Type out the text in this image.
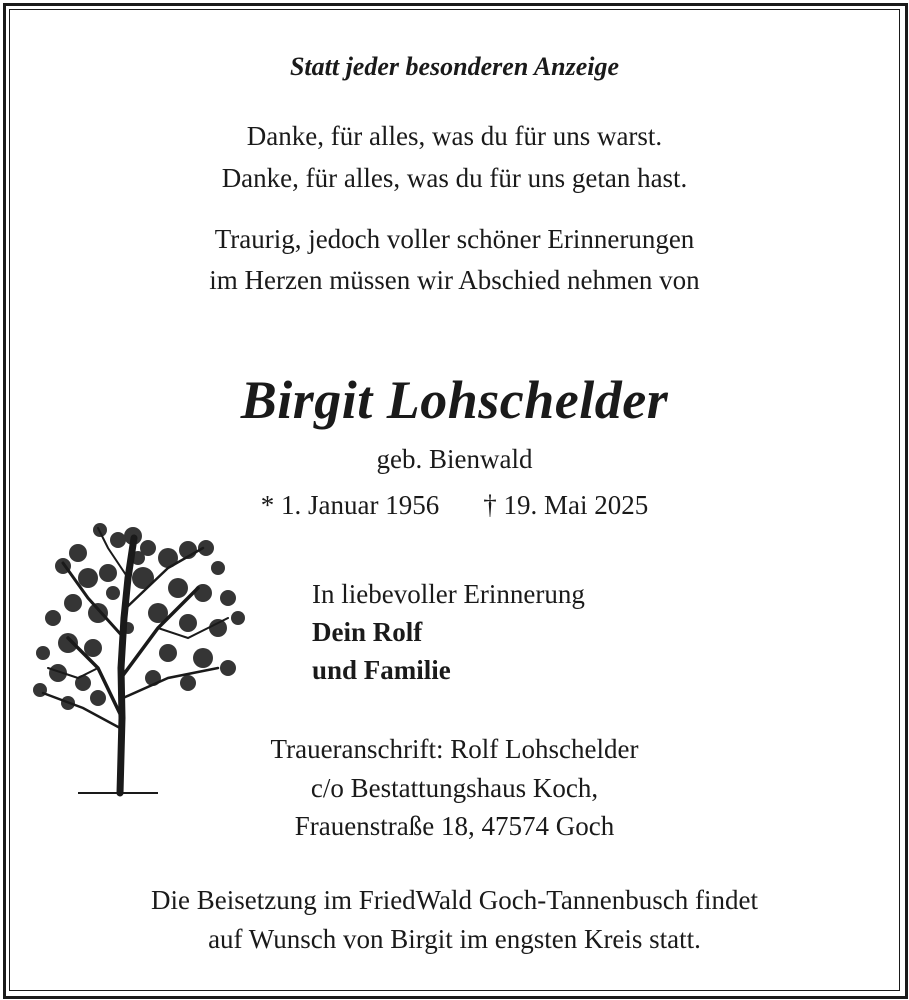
Statt jeder besonderen Anzeige
Danke, für alles, was du für uns warst.
Danke, für alles, was du für uns getan hast.
Traurig, jedoch voller schöner Erinnerungen
im Herzen müssen wir Abschied nehmen von
Birgit Lohschelder
geb. Bienwald
* 1. Januar 1956 † 19. Mai 2025
In liebevoller Erinnerung
Dein Rolf
und Familie
Traueranschrift: Rolf Lohschelder
c/o Bestattungshaus Koch,
Frauenstraße 18, 47574 Goch
Die Beisetzung im FriedWald Goch-Tannenbusch findet
auf Wunsch von Birgit im engsten Kreis statt.
